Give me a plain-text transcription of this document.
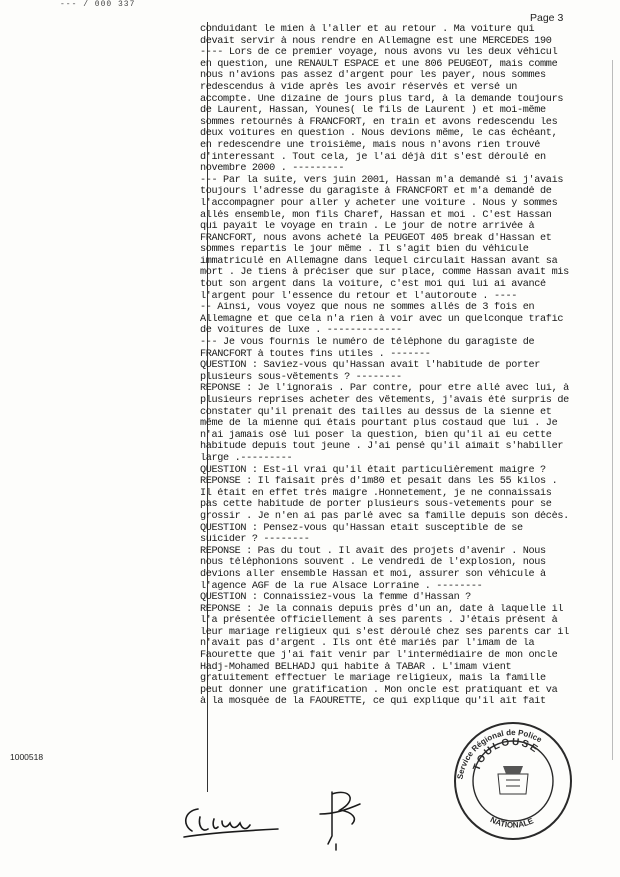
--- / 000 337
Page 3
conduidant le mien à l'aller et au retour . Ma voiture qui
devait servir à nous rendre en Allemagne est une MERCEDES 190
---- Lors de ce premier voyage, nous avons vu les deux véhicul
en question, une RENAULT ESPACE et une 806 PEUGEOT, mais comme
nous n'avions pas assez d'argent pour les payer, nous sommes
redescendus à vide après les avoir réservés et versé un
accompte. Une dizaine de jours plus tard, à la demande toujours
de Laurent, Hassan, Younes( le fils de Laurent ) et moi-même
sommes retournés à FRANCFORT, en train et avons redescendu les
deux voitures en question . Nous devions même, le cas échéant,
en redescendre une troisième, mais nous n'avons rien trouvé
d'interessant . Tout cela, je l'ai déjà dit s'est déroulé en
novembre 2000 . ---------
--- Par la suite, vers juin 2001, Hassan m'a demandé si j'avais
toujours l'adresse du garagiste à FRANCFORT et m'a demandé de
l'accompagner pour aller y acheter une voiture . Nous y sommes
allés ensemble, mon fils Charef, Hassan et moi . C'est Hassan
qui payait le voyage en train . Le jour de notre arrivée à
FRANCFORT, nous avons acheté la PEUGEOT 405 break d'Hassan et
sommes repartis le jour même . Il s'agit bien du véhicule
immatriculé en Allemagne dans lequel circulait Hassan avant sa
mort . Je tiens à préciser que sur place, comme Hassan avait mis
tout son argent dans la voiture, c'est moi qui lui ai avancé
l'argent pour l'essence du retour et l'autoroute . ----
-- Ainsi, vous voyez que nous ne sommes allés de 3 fois en
Allemagne et que cela n'a rien à voir avec un quelconque trafic
de voitures de luxe . -------------
--- Je vous fournis le numéro de téléphone du garagiste de
FRANCFORT à toutes fins utiles . -------
QUESTION : Saviez-vous qu'Hassan avait l'habitude de porter
plusieurs sous-vêtements ? --------
REPONSE : Je l'ignorais . Par contre, pour etre allé avec lui, à
plusieurs reprises acheter des vêtements, j'avais été surpris de
constater qu'il prenait des tailles au dessus de la sienne et
même de la mienne qui étais pourtant plus costaud que lui . Je
n'ai jamais osé lui poser la question, bien qu'il ai eu cette
habitude depuis tout jeune . J'ai pensé qu'il aimait s'habiller
large .---------
QUESTION : Est-il vrai qu'il était particulièrement maigre ?
REPONSE : Il faisait près d'1m80 et pesait dans les 55 kilos .
Il était en effet très maigre .Honnetement, je ne connaissais
pas cette habitude de porter plusieurs sous-vetements pour se
grossir . Je n'en ai pas parlé avec sa famille depuis son décès.
QUESTION : Pensez-vous qu'Hassan etait susceptible de se
suicider ? --------
REPONSE : Pas du tout . Il avait des projets d'avenir . Nous
nous téléphonions souvent . Le vendredi de l'explosion, nous
devions aller ensemble Hassan et moi, assurer son véhicule à
l'agence AGF de la rue Alsace Lorraine . --------
QUESTION : Connaissiez-vous la femme d'Hassan ?
REPONSE : Je la connais depuis près d'un an, date à laquelle il
l'a présentée officiellement à ses parents . J'étais présent à
leur mariage religieux qui s'est déroulé chez ses parents car il
n'avait pas d'argent . Ils ont été mariés par l'imam de la
Faourette que j'ai fait venir par l'intermédiaire de mon oncle
Hadj-Mohamed BELHADJ qui habite à TABAR . L'imam vient
gratuitement effectuer le mariage religieux, mais la famille
peut donner une gratification . Mon oncle est pratiquant et va
à la mosquée de la FAOURETTE, ce qui explique qu'il ait fait
1000518
Service Régional de Police
TOULOUSE
NATIONALE
